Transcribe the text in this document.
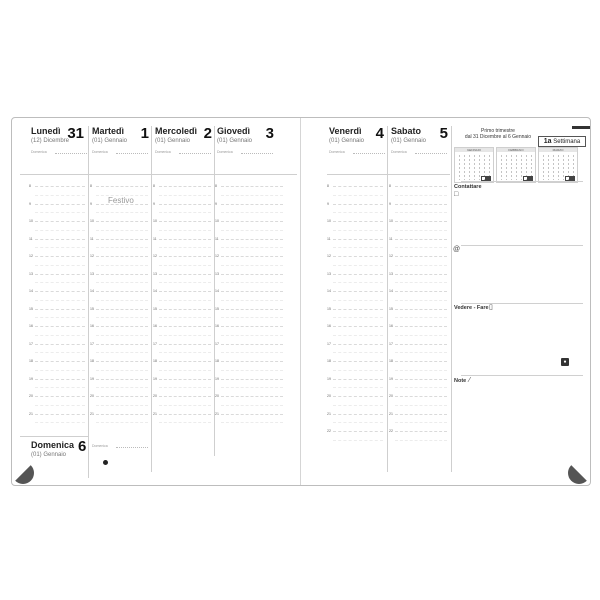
Lunedì 31
(12) Dicembre
Domenica
Martedì 1
(01) Gennaio
Domenica
Mercoledì 2
(01) Gennaio
Domenica
Giovedì 3
(01) Gennaio
Domenica
Festivo
8	8	8	8
9	9	9	9
10	10	10	10
11	11	11	11
12	12	12	12
13	13	13	13
14	14	14	14
15	15	15	15
16	16	16	16
17	17	17	17
18	18	18	18
19	19	19	19
20	20	20	20
21	21	21	21
Domenica 6
(01) Gennaio
Domenica
Venerdì 4
(01) Gennaio
Domenica
Sabato 5
(01) Gennaio
Domenica
8	8
9	9
10	10
11	11
12	12
13	13
14	14
15	15
16	16
17	17
18	18
19	19
20	20
21	21
22	22
Primo trimestre
dal 31 Dicembre al 6 Gennaio
1a Settimana
GENNAIO	FEBBRAIO	MARZO
Contattare
□
@
Vedere - Fare ▯
●
Note ⁄
